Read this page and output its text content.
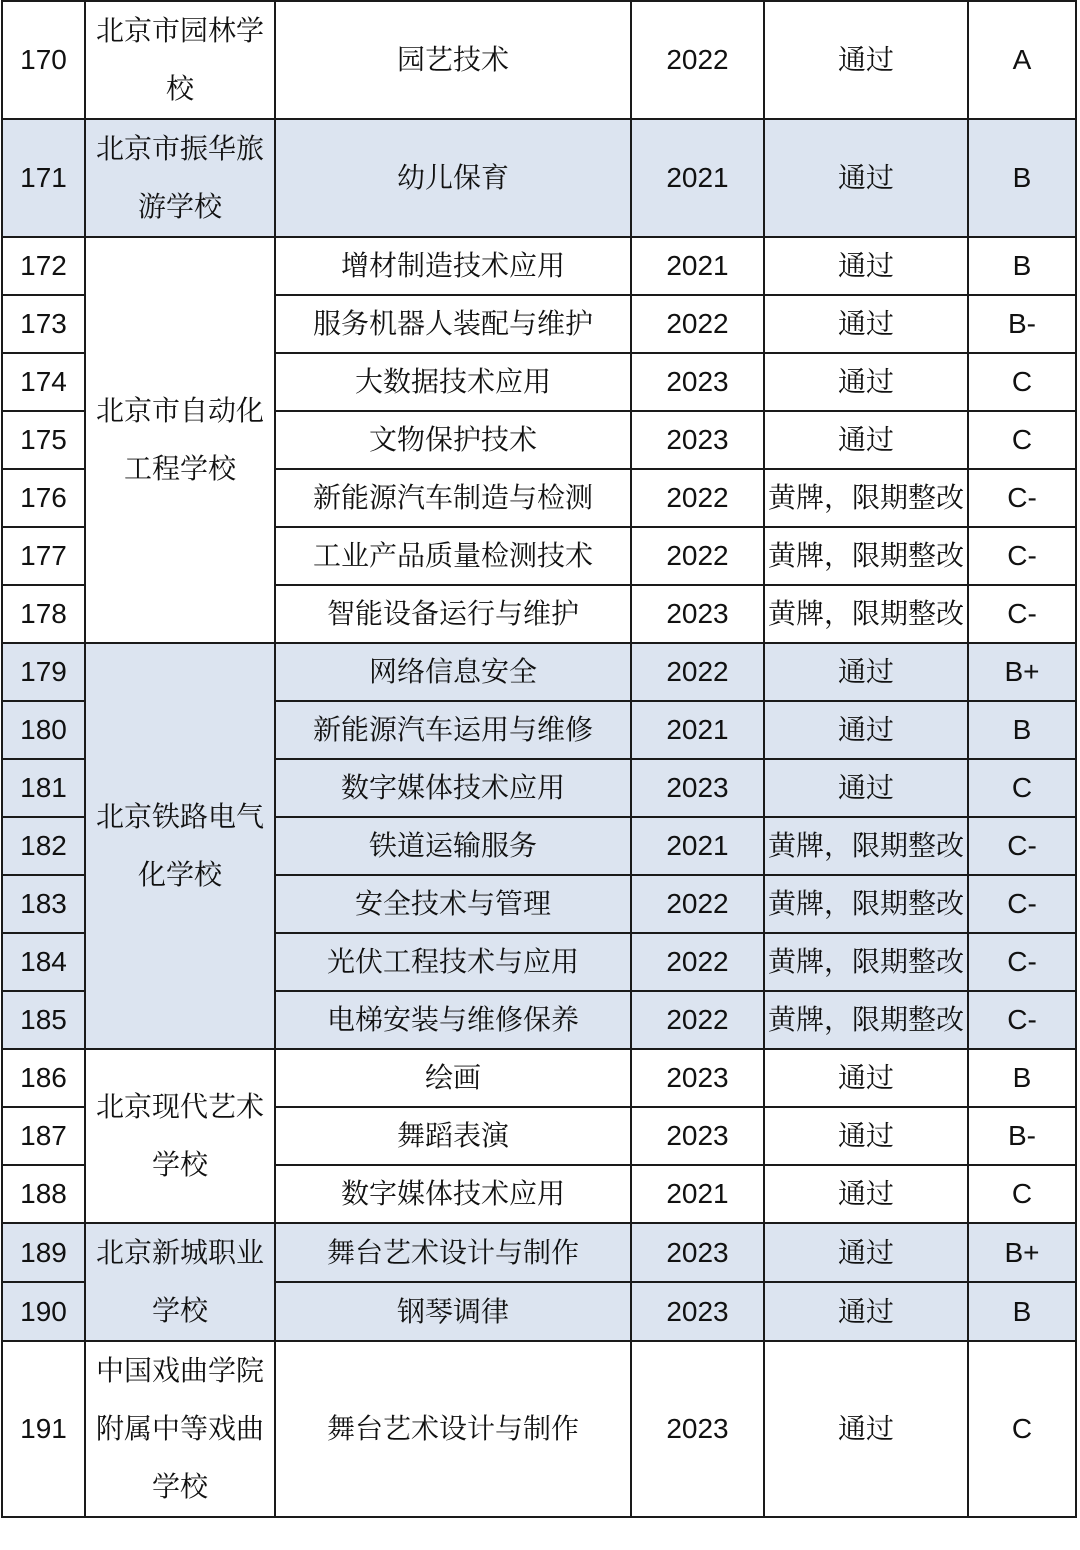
170	北京市园林学校	园艺技术	2022	通过	A
171	北京市振华旅游学校	幼儿保育	2021	通过	B
172	北京市自动化工程学校	增材制造技术应用	2021	通过	B
173		服务机器人装配与维护	2022	通过	B-
174		大数据技术应用	2023	通过	C
175		文物保护技术	2023	通过	C
176		新能源汽车制造与检测	2022	黄牌，限期整改	C-
177		工业产品质量检测技术	2022	黄牌，限期整改	C-
178		智能设备运行与维护	2023	黄牌，限期整改	C-
179	北京铁路电气化学校	网络信息安全	2022	通过	B+
180		新能源汽车运用与维修	2021	通过	B
181		数字媒体技术应用	2023	通过	C
182		铁道运输服务	2021	黄牌，限期整改	C-
183		安全技术与管理	2022	黄牌，限期整改	C-
184		光伏工程技术与应用	2022	黄牌，限期整改	C-
185		电梯安装与维修保养	2022	黄牌，限期整改	C-
186	北京现代艺术学校	绘画	2023	通过	B
187		舞蹈表演	2023	通过	B-
188		数字媒体技术应用	2021	通过	C
189	北京新城职业学校	舞台艺术设计与制作	2023	通过	B+
190		钢琴调律	2023	通过	B
191	中国戏曲学院附属中等戏曲学校	舞台艺术设计与制作	2023	通过	C
